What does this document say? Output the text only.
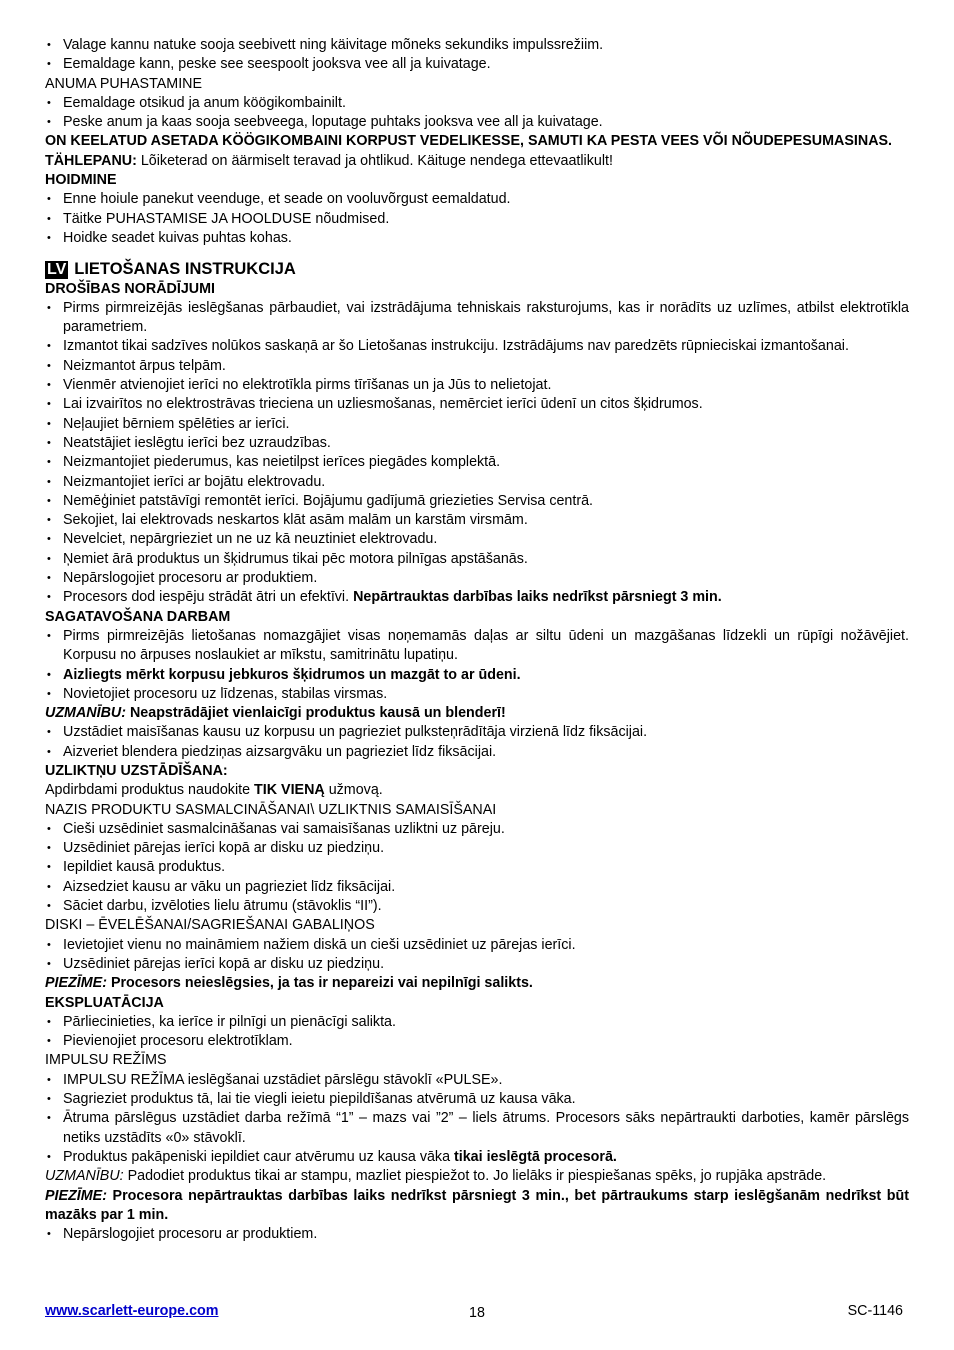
• Valage kannu natuke sooja seebivett ning käivitage mõneks sekundiks impulssrežiim.
• Eemaldage kann, peske see seespoolt jooksva vee all ja kuivatage.

ANUMA PUHASTAMINE

• Eemaldage otsikud ja anum köögikombainilt.
• Peske anum ja kaas sooja seebveega, loputage puhtaks jooksva vee all ja kuivatage.

ON KEELATUD ASETADA KÖÖGIKOMBAINI KORPUST VEDELIKESSE, SAMUTI KA PESTA VEES VÕI NÕUDEPESUMASINAS.

TÄHLEPANU: Lõiketerad on äärmiselt teravad ja ohtlikud. Käituge nendega ettevaatlikult!

HOIDMINE

• Enne hoiule panekut veenduge, et seade on vooluvõrgust eemaldatud.
• Täitke PUHASTAMISE JA HOOLDUSE nõudmised.
• Hoidke seadet kuivas puhtas kohas.
LV LIETOŠANAS INSTRUKCIJA

DROŠĪBAS NORĀDĪJUMI

• Pirms pirmreizējās ieslēgšanas pārbaudiet, vai izstrādājuma tehniskais raksturojums, kas ir norādīts uz uzlīmes, atbilst elektrotīkla parametriem.
• Izmantot tikai sadzīves nolūkos saskaņā ar šo Lietošanas instrukciju. Izstrādājums nav paredzēts rūpnieciskai izmantošanai.
• Neizmantot ārpus telpām.
• Vienmēr atvienojiet ierīci no elektrotīkla pirms tīrīšanas un ja Jūs to nelietojat.
• Lai izvairītos no elektrostrāvas trieciena un uzliesmošanas, nemērciet ierīci ūdenī un citos šķidrumos.
• Neļaujiet bērniem spēlēties ar ierīci.
• Neatstājiet ieslēgtu ierīci bez uzraudzības.
• Neizmantojiet piederumus, kas neietilpst ierīces piegādes komplektā.
• Neizmantojiet ierīci ar bojātu elektrovadu.
• Nemēģiniet patstāvīgi remontēt ierīci. Bojājumu gadījumā griezieties Servisa centrā.
• Sekojiet, lai elektrovads neskartos klāt asām malām un karstām virsmām.
• Nevelciet, nepārgrieziet un ne uz kā neuztiniet elektrovadu.
• Ņemiet ārā produktus un šķidrumus tikai pēc motora pilnīgas apstāšanās.
• Nepārslogojiet procesoru ar produktiem.
• Procesors dod iespēju strādāt ātri un efektīvi. Nepārtrauktas darbības laiks nedrīkst pārsniegt 3 min.

SAGATAVOŠANA DARBAM

• Pirms pirmreizējās lietošanas nomazgājiet visas noņemamās daļas ar siltu ūdeni un mazgāšanas līdzekli un rūpīgi nožāvējiet. Korpusu no ārpuses noslaukiet ar mīkstu, samitrinātu lupatiņu.
• Aizliegts mērkt korpusu jebkuros šķidrumos un mazgāt to ar ūdeni.
• Novietojiet procesoru uz līdzenas, stabilas virsmas.

UZMANĪBU: Neapstrādājiet vienlaicīgi produktus kausā un blenderī!

• Uzstādiet maisīšanas kausu uz korpusu un pagrieziet pulksteņrādītāja virzienā līdz fiksācijai.
• Aizveriet blendera piedziņas aizsargvāku un pagrieziet līdz fiksācijai.

UZLIKTŅU UZSTĀDĪŠANA:

Apdirbdami produktus naudokite TIK VIENĄ užmovą.

NAZIS PRODUKTU SASMALCINĀŠANAI\ UZLIKTNIS SAMAISĪŠANAI

• Cieši uzsēdiniet sasmalcināšanas vai samaisīšanas uzliktni uz pāreju.
• Uzsēdiniet pārejas ierīci kopā ar disku uz piedziņu.
• Iepildiet kausā produktus.
• Aizsedziet kausu ar vāku un pagrieziet līdz fiksācijai.
• Sāciet darbu, izvēloties lielu ātrumu (stāvoklis “II”).

DISKI – ĒVELĒŠANAI/SAGRIEŠANAI GABALIŅOS

• Ievietojiet vienu no maināmiem nažiem diskā un cieši uzsēdiniet uz pārejas ierīci.
• Uzsēdiniet pārejas ierīci kopā ar disku uz piedziņu.

PIEZĪME: Procesors neieslēgsies, ja tas ir nepareizi vai nepilnīgi salikts.

EKSPLUATĀCIJA

• Pārliecinieties, ka ierīce ir pilnīgi un pienācīgi salikta.
• Pievienojiet procesoru elektrotīklam.

IMPULSU REŽĪMS

• IMPULSU REŽĪMA ieslēgšanai uzstādiet pārslēgu stāvoklī «PULSE».
• Sagrieziet produktus tā, lai tie viegli ieietu piepildīšanas atvērumā uz kausa vāka.
• Ātruma pārslēgus uzstādiet darba režīmā “1” – mazs vai ”2” – liels ātrums. Procesors sāks nepārtraukti darboties, kamēr pārslēgs netiks uzstādīts «0» stāvoklī.
• Produktus pakāpeniski iepildiet caur atvērumu uz kausa vāka tikai ieslēgtā procesorā.

UZMANĪBU: Padodiet produktus tikai ar stampu, mazliet piespiežot to. Jo lielāks ir piespiešanas spēks, jo rupjāka apstrāde.

PIEZĪME: Procesora nepārtrauktas darbības laiks nedrīkst pārsniegt 3 min., bet pārtraukums starp ieslēgšanām nedrīkst būt mazāks par 1 min.

• Nepārslogojiet procesoru ar produktiem.
www.scarlett-europe.com	18	SC-1146
